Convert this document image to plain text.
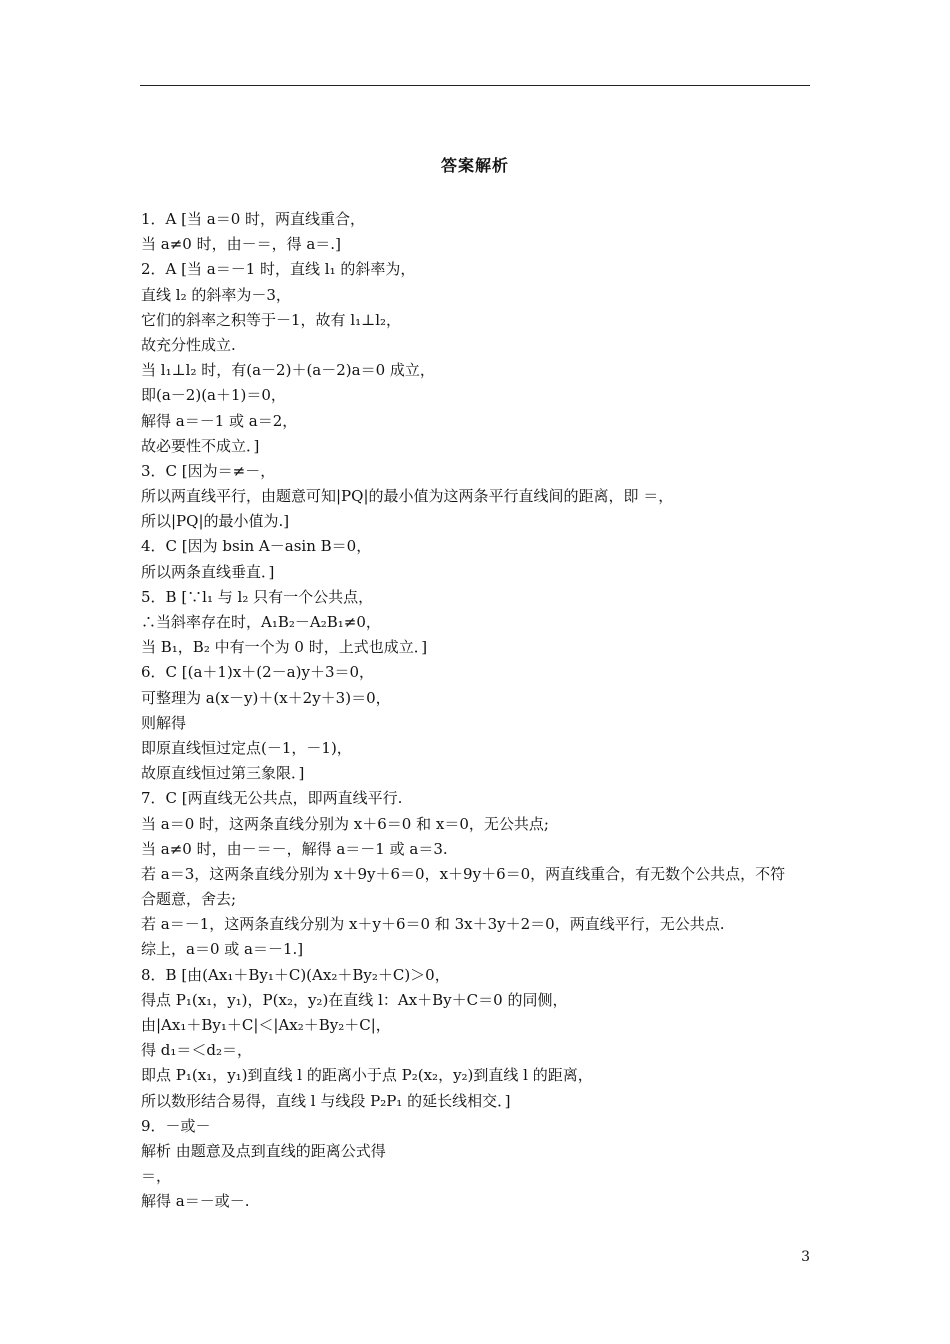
答案解析
1．A [当 a＝0 时，两直线重合，
当 a≠0 时，由－＝，得 a＝.]
2．A [当 a＝－1 时，直线 l₁ 的斜率为，
直线 l₂ 的斜率为－3，
它们的斜率之积等于－1，故有 l₁⊥l₂，
故充分性成立.
当 l₁⊥l₂ 时，有(a－2)＋(a－2)a＝0 成立，
即(a－2)(a＋1)＝0，
解得 a＝－1 或 a＝2，
故必要性不成立．]
3．C [因为＝≠－，
所以两直线平行，由题意可知|PQ|的最小值为这两条平行直线间的距离，即 ＝，
所以|PQ|的最小值为.]
4．C [因为 bsin A－asin B＝0，
所以两条直线垂直．]
5．B [∵l₁ 与 l₂ 只有一个公共点，
∴当斜率存在时，A₁B₂－A₂B₁≠0，
当 B₁，B₂ 中有一个为 0 时，上式也成立．]
6．C [(a＋1)x＋(2－a)y＋3＝0，
可整理为 a(x－y)＋(x＋2y＋3)＝0，
则解得
即原直线恒过定点(－1，－1)，
故原直线恒过第三象限．]
7．C [两直线无公共点，即两直线平行.
当 a＝0 时，这两条直线分别为 x＋6＝0 和 x＝0，无公共点;
当 a≠0 时，由－＝－，解得 a＝－1 或 a＝3.
若 a＝3，这两条直线分别为 x＋9y＋6＝0，x＋9y＋6＝0，两直线重合，有无数个公共点，不符
合题意，舍去;
若 a＝－1，这两条直线分别为 x＋y＋6＝0 和 3x＋3y＋2＝0，两直线平行，无公共点.
综上，a＝0 或 a＝－1.]
8．B [由(Ax₁＋By₁＋C)(Ax₂＋By₂＋C)＞0，
得点 P₁(x₁，y₁)，P(x₂，y₂)在直线 l：Ax＋By＋C＝0 的同侧，
由|Ax₁＋By₁＋C|＜|Ax₂＋By₂＋C|，
得 d₁＝＜d₂＝，
即点 P₁(x₁，y₁)到直线 l 的距离小于点 P₂(x₂，y₂)到直线 l 的距离，
所以数形结合易得，直线 l 与线段 P₂P₁ 的延长线相交．]
9．－或－
解析 由题意及点到直线的距离公式得
＝，
解得 a＝－或－.
3
